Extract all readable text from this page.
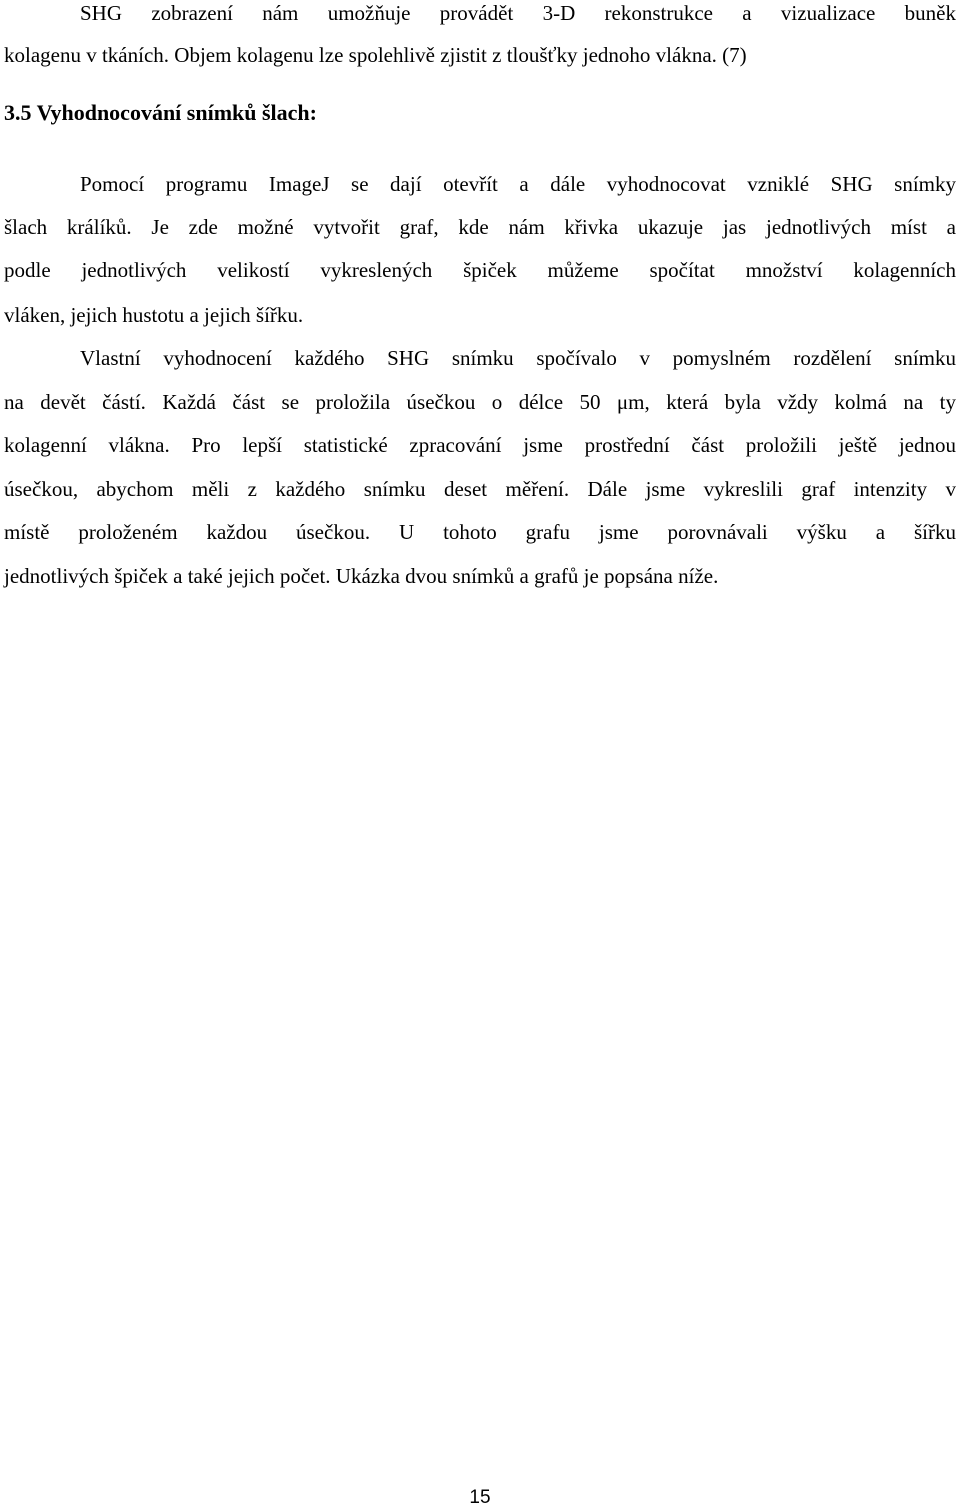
SHG zobrazení nám umožňuje provádět 3-D rekonstrukce a vizualizace buněk
kolagenu v tkáních. Objem kolagenu lze spolehlivě zjistit z tloušťky jednoho vlákna. (7)
3.5 Vyhodnocování snímků šlach:
Pomocí programu ImageJ se dají otevřít a dále vyhodnocovat vzniklé SHG snímky
šlach králíků. Je zde možné vytvořit graf, kde nám křivka ukazuje jas jednotlivých míst a
podle jednotlivých velikostí vykreslených špiček můžeme spočítat množství kolagenních
vláken, jejich hustotu a jejich šířku.
Vlastní vyhodnocení každého SHG snímku spočívalo v pomyslném rozdělení snímku
na devět částí. Každá část se proložila úsečkou o délce 50 μm, která byla vždy kolmá na ty
kolagenní vlákna. Pro lepší statistické zpracování jsme prostřední část proložili ještě jednou
úsečkou, abychom měli z každého snímku deset měření. Dále jsme vykreslili graf intenzity v
místě proloženém každou úsečkou. U tohoto grafu jsme porovnávali výšku a šířku
jednotlivých špiček a také jejich počet. Ukázka dvou snímků a grafů je popsána níže.
15
